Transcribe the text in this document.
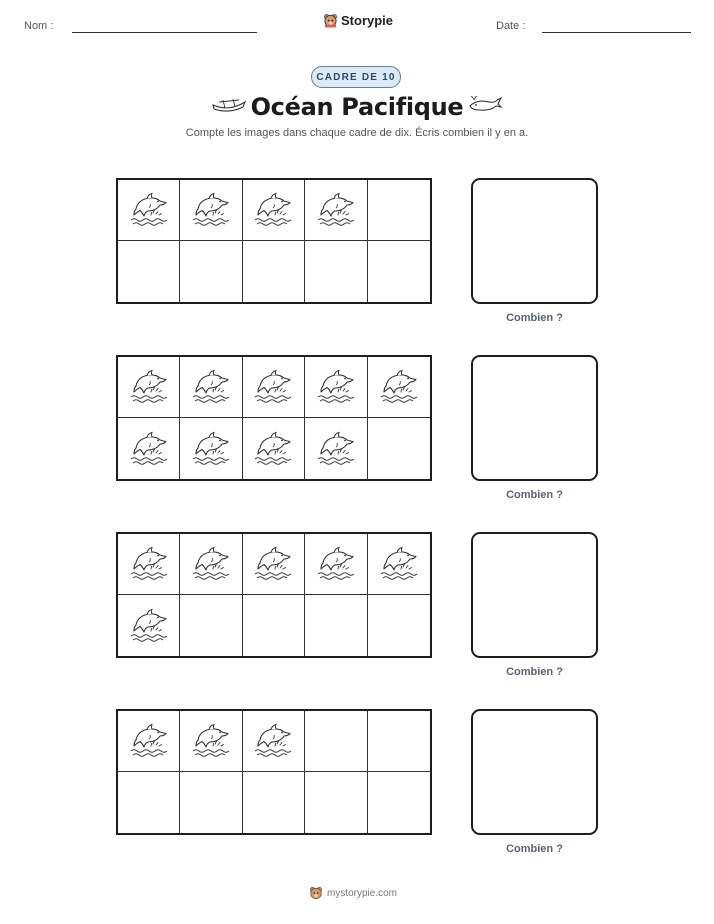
Nom :	Storypie	Date :
CADRE DE 10
Océan Pacifique
Compte les images dans chaque cadre de dix. Écris combien il y en a.
Combien ?
Combien ?
Combien ?
Combien ?
mystorypie.com
